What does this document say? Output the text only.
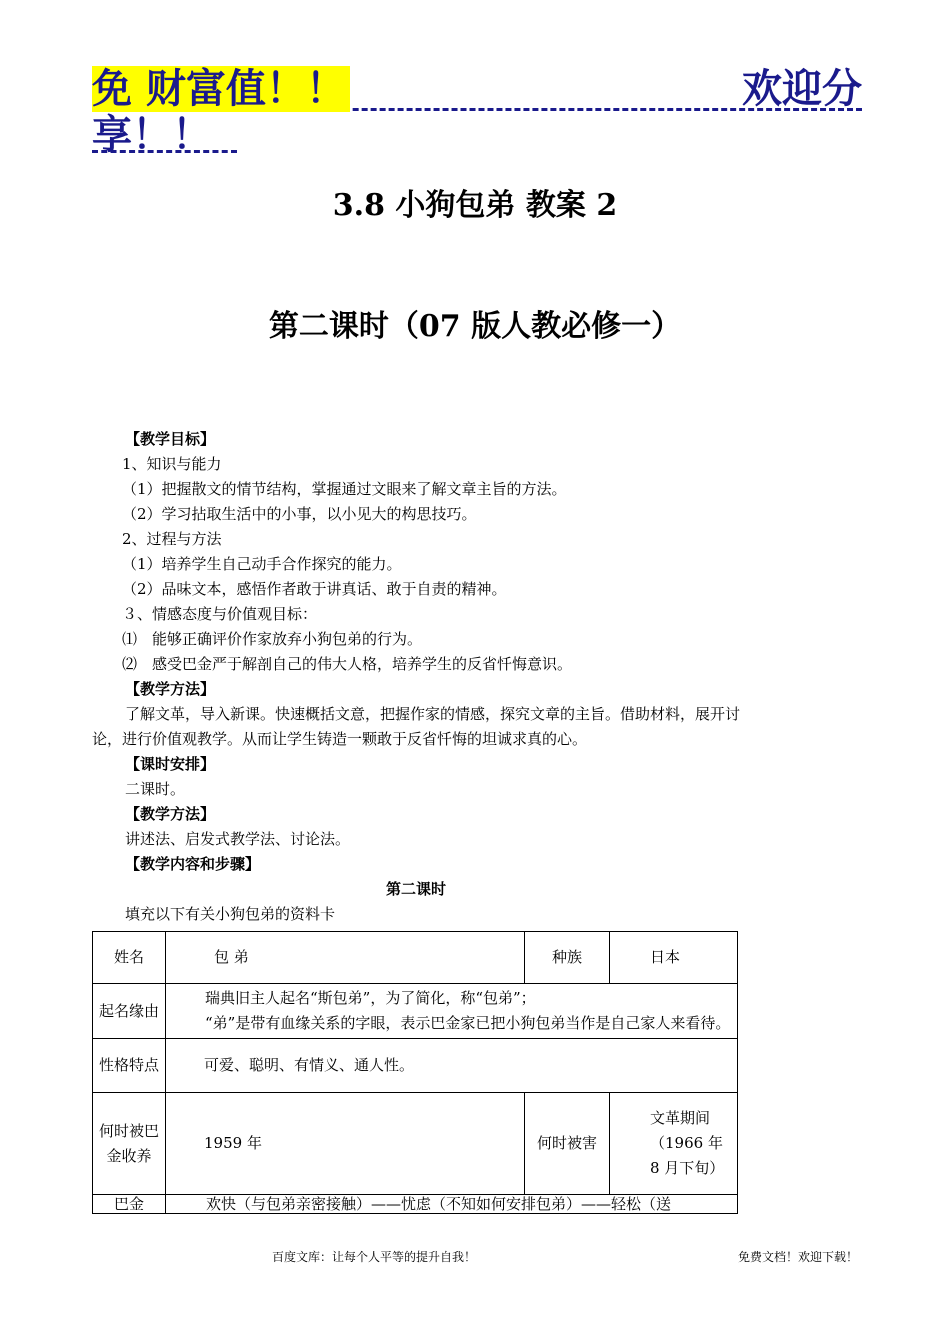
免 财富值！！	欢迎分
享！！
3.8 小狗包弟 教案 2
第二课时（07 版人教必修一）

【教学目标】

1、知识与能力

（1）把握散文的情节结构，掌握通过文眼来了解文章主旨的方法。

（2）学习拈取生活中的小事，以小见大的构思技巧。

2、过程与方法

（1）培养学生自己动手合作探究的能力。

（2）品味文本，感悟作者敢于讲真话、敢于自责的精神。

３、情感态度与价值观目标：

⑴　能够正确评价作家放弃小狗包弟的行为。

⑵　感受巴金严于解剖自己的伟大人格，培养学生的反省忏悔意识。

【教学方法】

了解文革，导入新课。快速概括文意，把握作家的情感，探究文章的主旨。借助材料，展开讨论，进行价值观教学。从而让学生铸造一颗敢于反省忏悔的坦诚求真的心。

【课时安排】

二课时。

【教学方法】

讲述法、启发式教学法、讨论法。

【教学内容和步骤】

第二课时

填充以下有关小狗包弟的资料卡

姓名	包 弟	种族	日本
起名缘由	瑞典旧主人起名“斯包弟”，为了简化，称“包弟”；

“弟”是带有血缘关系的字眼，表示巴金家已把小狗包弟当作是自己家人来看待。		

性格特点	可爱、聪明、有情义、通人性。		
何时被巴金收养	1959 年	何时被害	文革期间（1966 年 8 月下旬）
巴金	欢快（与包弟亲密接触）——忧虑（不知如何安排包弟）——轻松（送		
百度文库：让每个人平等的提升自我！	免费文档！欢迎下载！
